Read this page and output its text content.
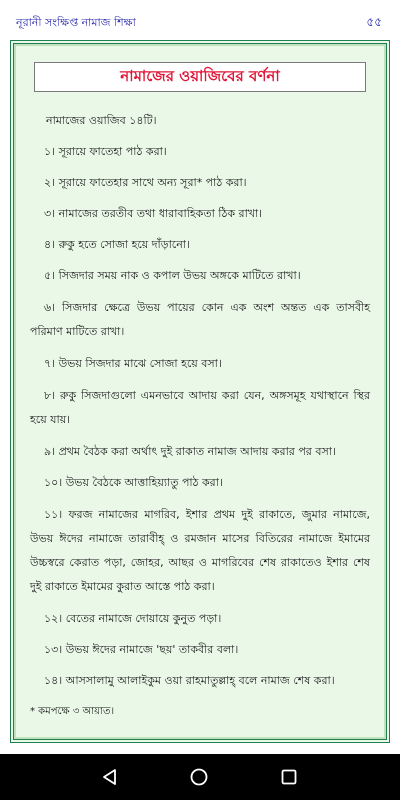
নূরানী সংক্ষিপ্ত নামাজ শিক্ষা	৫৫
নামাজের ওয়াজিবের বর্ণনা

নামাজের ওয়াজিব ১৪টি।

১। সূরায়ে ফাতেহা পাঠ করা।

২। সূরায়ে ফাতেহার সাথে অন্য সূরা* পাঠ করা।

৩। নামাজের তরতীব তথা ধারাবাহিকতা ঠিক রাখা।

৪। রুকু হতে সোজা হয়ে দাঁড়ানো।

৫। সিজদার সময় নাক ও কপাল উভয় অঙ্গকে মাটিতে রাখা।

৬। সিজদার ক্ষেত্রে উভয় পায়ের কোন এক অংশ অন্তত এক তাসবীহ পরিমাণ মাটিতে রাখা।

৭। উভয় সিজদার মাঝে সোজা হয়ে বসা।

৮। রুকু সিজদাগুলো এমনভাবে আদায় করা যেন, অঙ্গসমূহ যথাস্থানে স্থির হয়ে যায়।

৯। প্রথম বৈঠক করা অর্থাৎ দুই রাকাত নামাজ আদায় করার পর বসা।

১০। উভয় বৈঠকে আত্তাহিয়্যাতু পাঠ করা।

১১। ফরজ নামাজের মাগরিব, ইশার প্রথম দুই রাকাতে, জুমার নামাজে, উভয় ঈদের নামাজে তারাবীহ্ ও রমজান মাসের বিতিরের নামাজে ইমামের উচ্চস্বরে কেরাত পড়া, জোহর, আছর ও মাগরিবের শেষ রাকাতেও ইশার শেষ দুই রাকাতে ইমামের কুরাত আস্তে পাঠ করা।

১২। বেতের নামাজে দোয়ায়ে কুনুত পড়া।

১৩। উভয় ঈদের নামাজে 'ছয়' তাকবীর বলা।

১৪। আসসালামু আলাইকুম ওয়া রাহমাতুল্লাহ্ বলে নামাজ শেষ করা।

* কমপক্ষে ৩ আয়াত।
